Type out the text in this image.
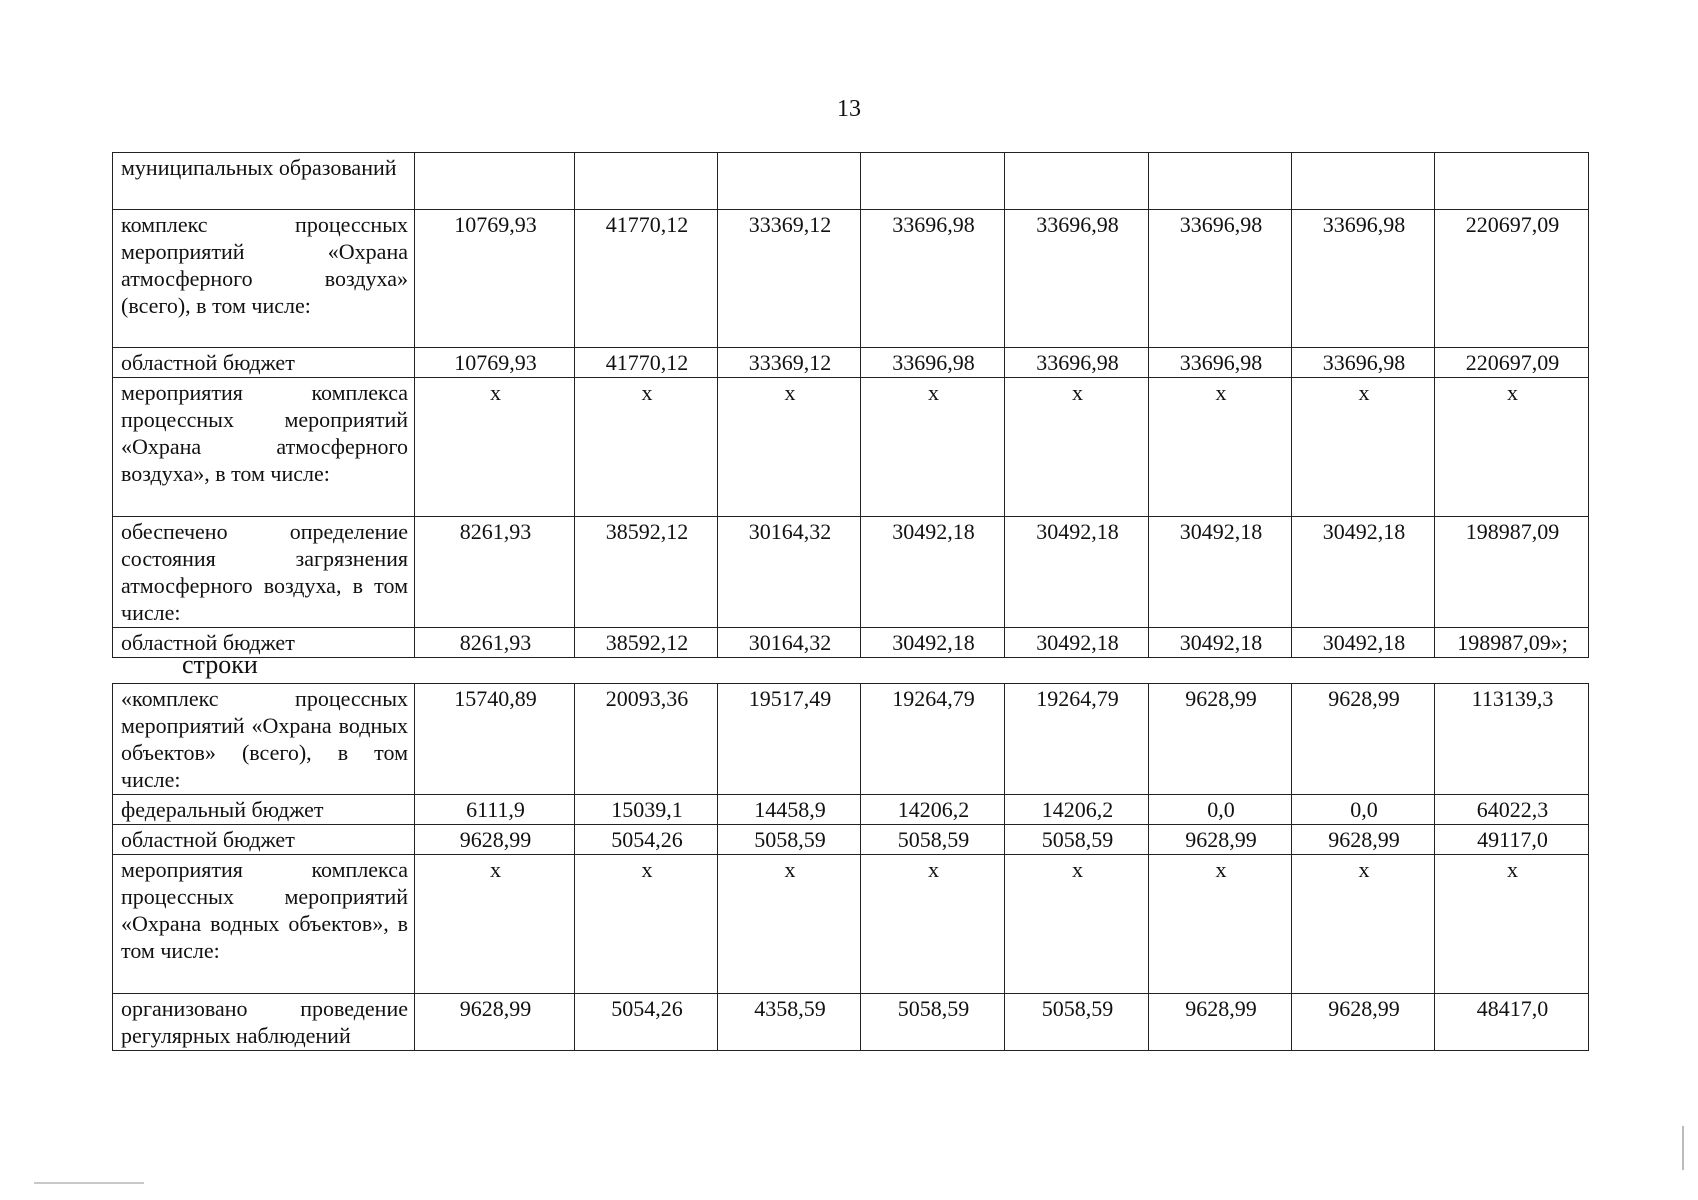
13
муниципальных образований								
комплекс процессных мероприятий «Охрана атмосферного воздуха» (всего), в том числе:	10769,93	41770,12	33369,12	33696,98	33696,98	33696,98	33696,98	220697,09
областной бюджет	10769,93	41770,12	33369,12	33696,98	33696,98	33696,98	33696,98	220697,09
мероприятия комплекса процессных мероприятий «Охрана атмосферного воздуха», в том числе:	х	х	х	х	х	х	х	х
обеспечено определение состояния загрязнения атмосферного воздуха, в том числе:	8261,93	38592,12	30164,32	30492,18	30492,18	30492,18	30492,18	198987,09
областной бюджет	8261,93	38592,12	30164,32	30492,18	30492,18	30492,18	30492,18	198987,09»;
строки
«комплекс процессных мероприятий «Охрана водных объектов» (всего), в том числе:	15740,89	20093,36	19517,49	19264,79	19264,79	9628,99	9628,99	113139,3
федеральный бюджет	6111,9	15039,1	14458,9	14206,2	14206,2	0,0	0,0	64022,3
областной бюджет	9628,99	5054,26	5058,59	5058,59	5058,59	9628,99	9628,99	49117,0
мероприятия комплекса процессных мероприятий «Охрана водных объектов», в том числе:	х	х	х	х	х	х	х	х
организовано проведение регулярных наблюдений	9628,99	5054,26	4358,59	5058,59	5058,59	9628,99	9628,99	48417,0
